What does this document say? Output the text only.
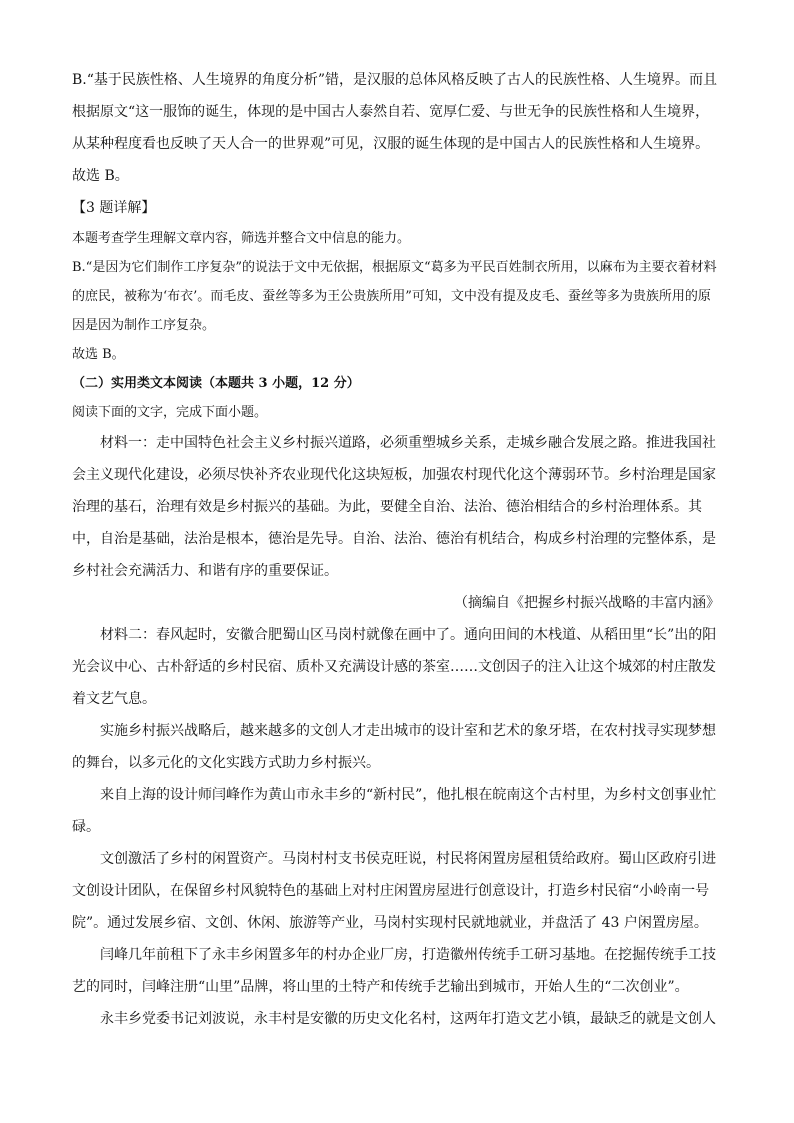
B.“基于民族性格、人生境界的角度分析”错，是汉服的总体风格反映了古人的民族性格、人生境界。而且根据原文“这一服饰的诞生，体现的是中国古人泰然自若、宽厚仁爱、与世无争的民族性格和人生境界，从某种程度看也反映了天人合一的世界观”可见，汉服的诞生体现的是中国古人的民族性格和人生境界。

故选 B。

【3 题详解】

本题考查学生理解文章内容，筛选并整合文中信息的能力。

B.“是因为它们制作工序复杂”的说法于文中无依据，根据原文“葛多为平民百姓制衣所用，以麻布为主要衣着材料的庶民，被称为‘布衣’。而毛皮、蚕丝等多为王公贵族所用”可知，文中没有提及皮毛、蚕丝等多为贵族所用的原因是因为制作工序复杂。

故选 B。

（二）实用类文本阅读（本题共 3 小题，12 分）

阅读下面的文字，完成下面小题。

材料一：走中国特色社会主义乡村振兴道路，必须重塑城乡关系，走城乡融合发展之路。推进我国社会主义现代化建设，必须尽快补齐农业现代化这块短板，加强农村现代化这个薄弱环节。乡村治理是国家治理的基石，治理有效是乡村振兴的基础。为此，要健全自治、法治、德治相结合的乡村治理体系。其中，自治是基础，法治是根本，德治是先导。自治、法治、德治有机结合，构成乡村治理的完整体系，是乡村社会充满活力、和谐有序的重要保证。

（摘编自《把握乡村振兴战略的丰富内涵》

材料二：春风起时，安徽合肥蜀山区马岗村就像在画中了。通向田间的木栈道、从稻田里“长”出的阳光会议中心、古朴舒适的乡村民宿、质朴又充满设计感的茶室……文创因子的注入让这个城郊的村庄散发着文艺气息。

实施乡村振兴战略后，越来越多的文创人才走出城市的设计室和艺术的象牙塔，在农村找寻实现梦想的舞台，以多元化的文化实践方式助力乡村振兴。

来自上海的设计师闫峰作为黄山市永丰乡的“新村民”，他扎根在皖南这个古村里，为乡村文创事业忙碌。

文创激活了乡村的闲置资产。马岗村村支书侯克旺说，村民将闲置房屋租赁给政府。蜀山区政府引进文创设计团队，在保留乡村风貌特色的基础上对村庄闲置房屋进行创意设计，打造乡村民宿“小岭南一号院”。通过发展乡宿、文创、休闲、旅游等产业，马岗村实现村民就地就业，并盘活了 43 户闲置房屋。

闫峰几年前租下了永丰乡闲置多年的村办企业厂房，打造徽州传统手工研习基地。在挖掘传统手工技艺的同时，闫峰注册“山里”品牌，将山里的土特产和传统手艺输出到城市，开始人生的“二次创业”。

永丰乡党委书记刘波说，永丰村是安徽的历史文化名村，这两年打造文艺小镇，最缺乏的就是文创人
